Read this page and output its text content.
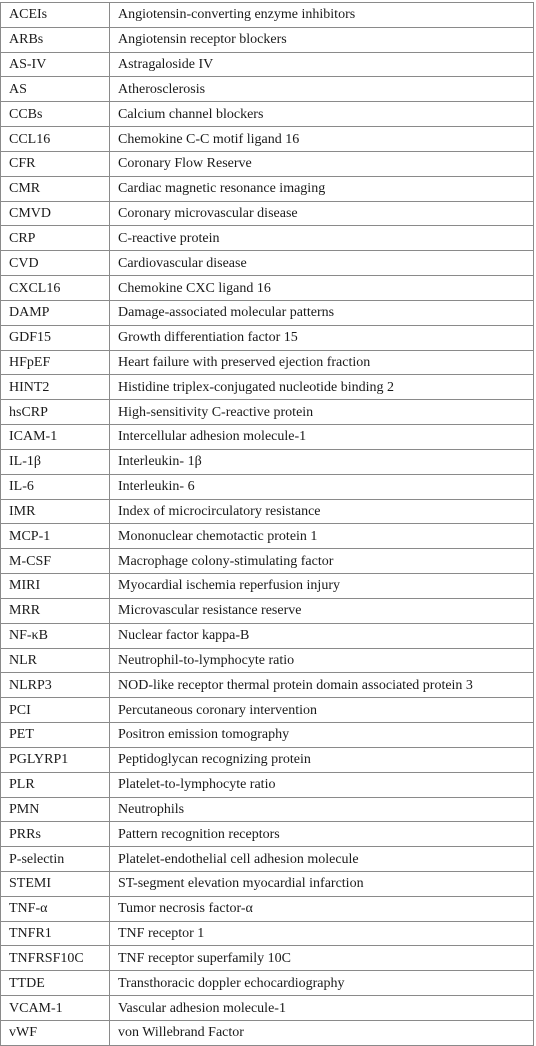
ACEIs	Angiotensin-converting enzyme inhibitors
ARBs	Angiotensin receptor blockers
AS-IV	Astragaloside IV
AS	Atherosclerosis
CCBs	Calcium channel blockers
CCL16	Chemokine C-C motif ligand 16
CFR	Coronary Flow Reserve
CMR	Cardiac magnetic resonance imaging
CMVD	Coronary microvascular disease
CRP	C-reactive protein
CVD	Cardiovascular disease
CXCL16	Chemokine CXC ligand 16
DAMP	Damage-associated molecular patterns
GDF15	Growth differentiation factor 15
HFpEF	Heart failure with preserved ejection fraction
HINT2	Histidine triplex-conjugated nucleotide binding 2
hsCRP	High-sensitivity C-reactive protein
ICAM-1	Intercellular adhesion molecule-1
IL-1β	Interleukin- 1β
IL-6	Interleukin- 6
IMR	Index of microcirculatory resistance
MCP-1	Mononuclear chemotactic protein 1
M-CSF	Macrophage colony-stimulating factor
MIRI	Myocardial ischemia reperfusion injury
MRR	Microvascular resistance reserve
NF-κB	Nuclear factor kappa-B
NLR	Neutrophil-to-lymphocyte ratio
NLRP3	NOD-like receptor thermal protein domain associated protein 3
PCI	Percutaneous coronary intervention
PET	Positron emission tomography
PGLYRP1	Peptidoglycan recognizing protein
PLR	Platelet-to-lymphocyte ratio
PMN	Neutrophils
PRRs	Pattern recognition receptors
P-selectin	Platelet-endothelial cell adhesion molecule
STEMI	ST-segment elevation myocardial infarction
TNF-α	Tumor necrosis factor-α
TNFR1	TNF receptor 1
TNFRSF10C	TNF receptor superfamily 10C
TTDE	Transthoracic doppler echocardiography
VCAM-1	Vascular adhesion molecule-1
vWF	von Willebrand Factor
